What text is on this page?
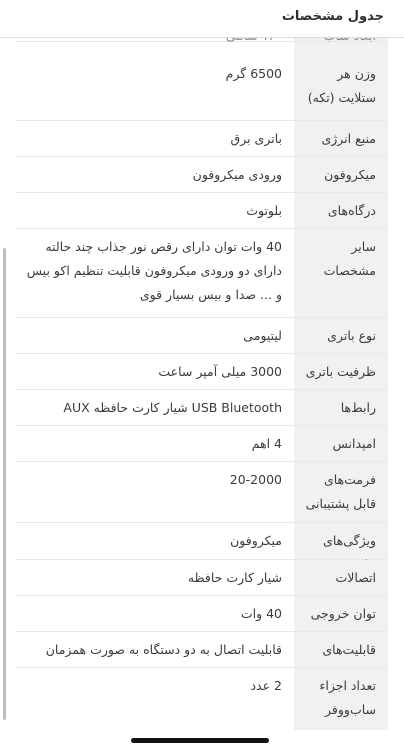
وزن هر ستلایت (تکه)
6500 گرم
منبع انرژی
باتری برق
میکروفون
ورودی میکروفون
درگاه‌های
بلوتوث
سایر مشخصات
40 وات توان دارای رقص نور جذاب چند حالته دارای دو ورودی میکروفون قابلیت تنظیم اکو بیس و ... صدا و بیس بسیار قوی
نوع باتری
لیتیومی
ظرفیت باتری
3000 میلی آمپر ساعت
رابط‌ها
USB Bluetooth شیار کارت حافظه AUX
امپدانس
4 اهم
فرمت‌های قابل پشتیبانی
20-2000
ویژگی‌های
میکروفون
اتصالات
شیار کارت حافظه
توان خروجی
40 وات
قابلیت‌های
قابلیت اتصال به دو دستگاه به صورت همزمان
تعداد اجزاء ساب‌ووفر
2 عدد
جدول مشخصات
